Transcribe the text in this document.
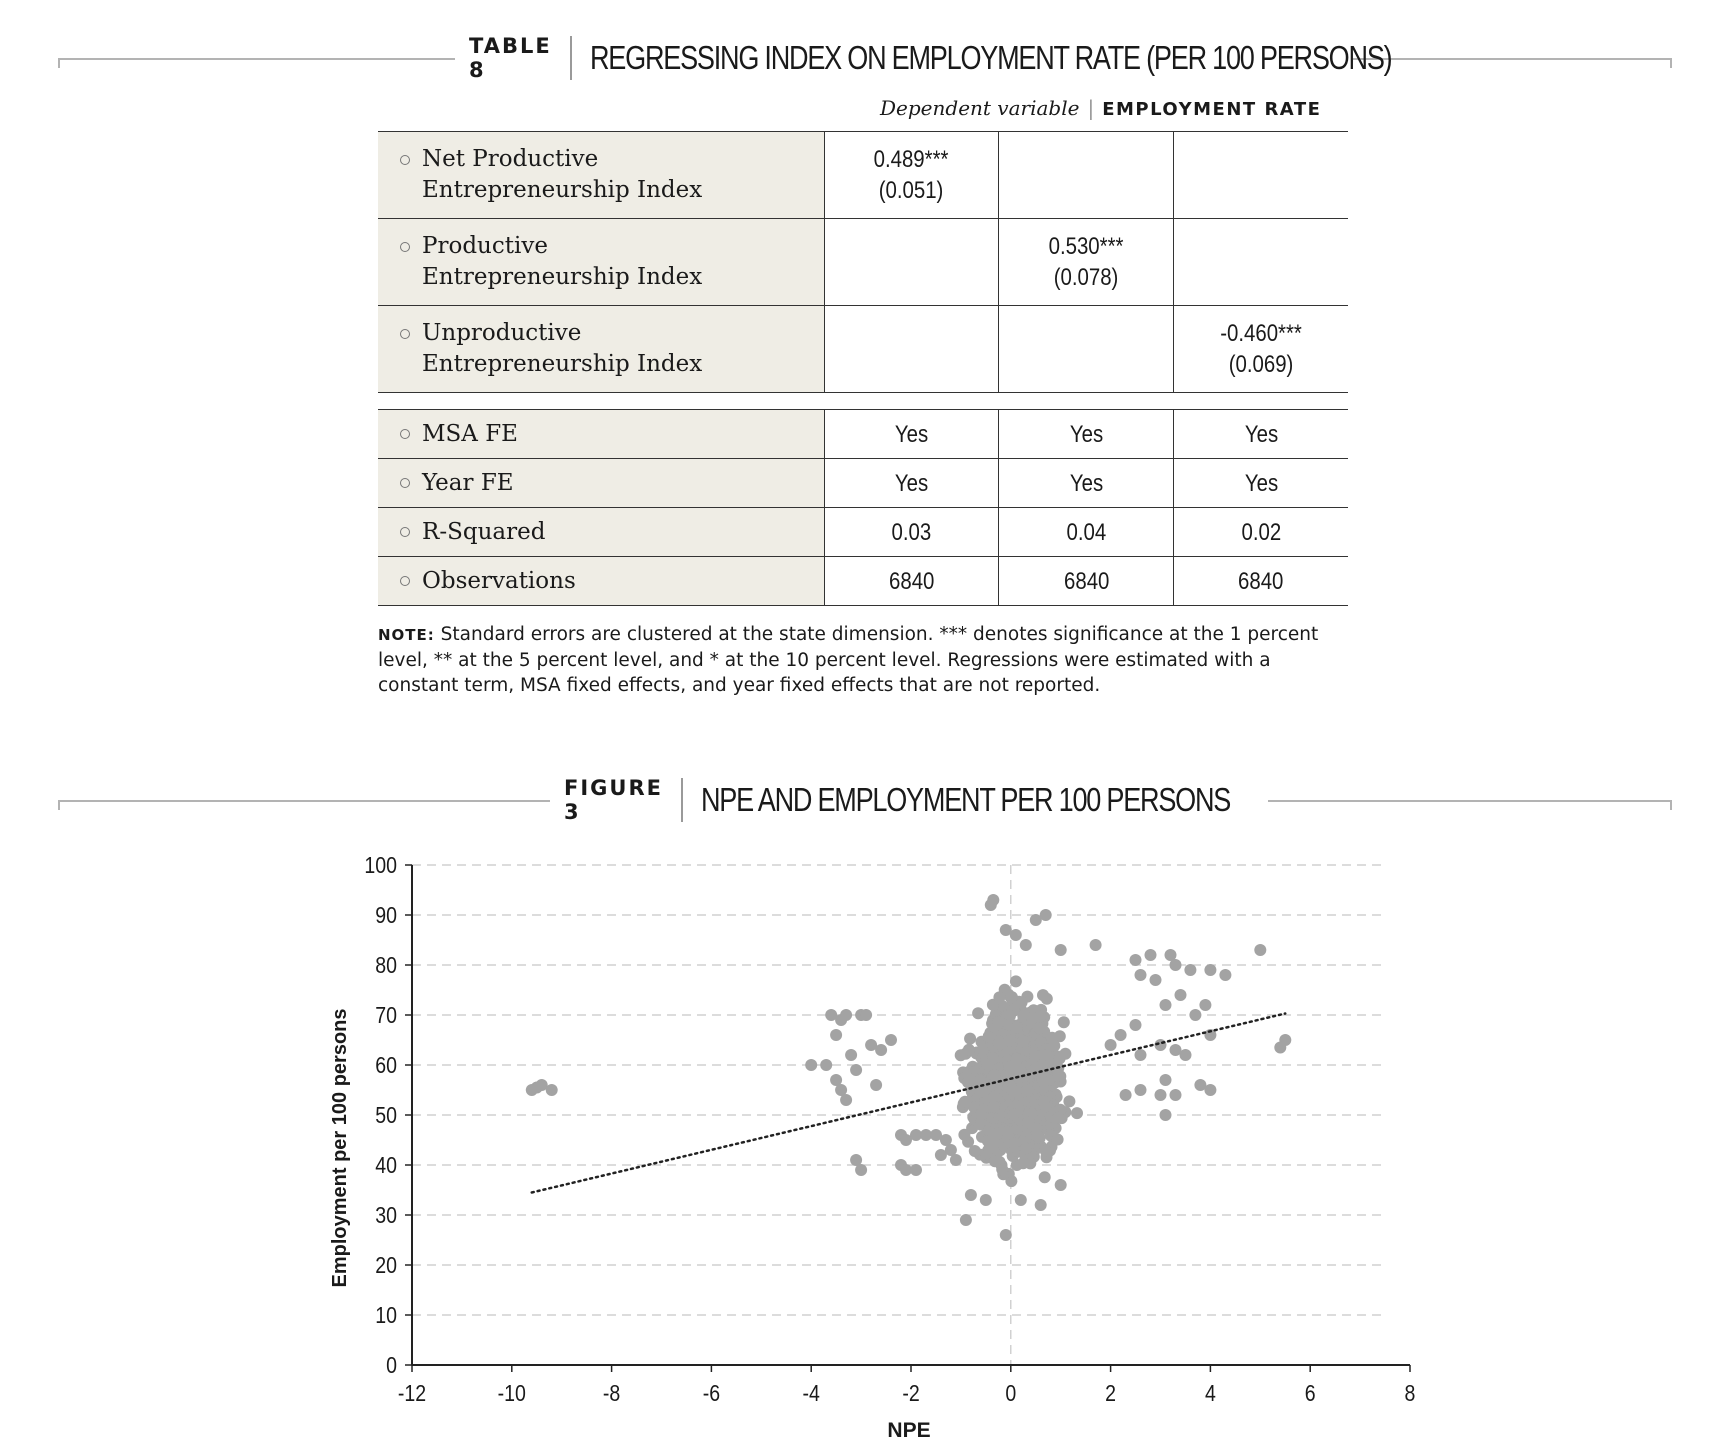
TABLE 8	REGRESSING INDEX ON EMPLOYMENT RATE (PER 100 PERSONS)
Dependent variable | EMPLOYMENT RATE
Net Productive
Entrepreneurship Index	0.489***
(0.051)	

Productive
Entrepreneurship Index		0.530***
(0.078)	

Unproductive
Entrepreneurship Index			-0.460***
(0.069)
MSA FE	Yes	Yes	Yes

Year FE	Yes	Yes	Yes

R-Squared	0.03	0.04	0.02

Observations	6840	6840	6840
NOTE: Standard errors are clustered at the state dimension. *** denotes significance at the 1 percent level, ** at the 5 percent level, and * at the 10 percent level. Regressions were estimated with a constant term, MSA fixed effects, and year fixed effects that are not reported.
FIGURE 3	NPE AND EMPLOYMENT PER 100 PERSONS
0
10
20
30
40
50
60
70
80
90
100
-12	-10	-8	-6	-4	-2	0	2	4	6	8
NPE
Employment per 100 persons
